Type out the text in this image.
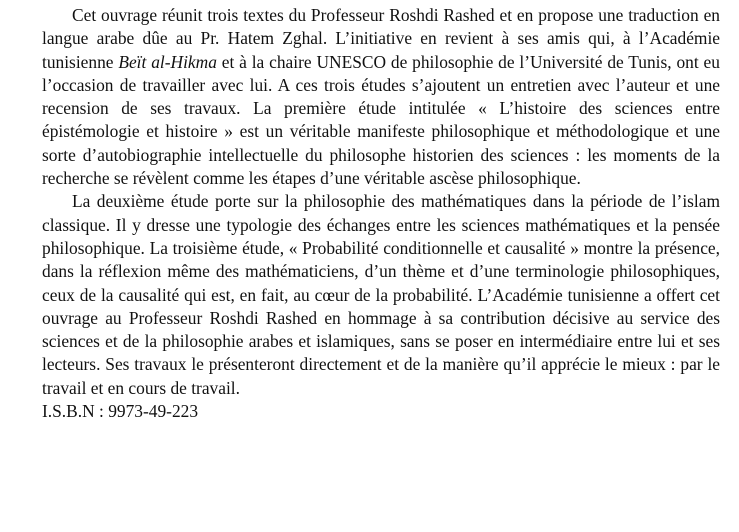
Cet ouvrage réunit trois textes du Professeur Roshdi Rashed et en propose une traduction en langue arabe dûe au Pr. Hatem Zghal. L’initiative en revient à ses amis qui, à l’Académie tunisienne Beït al-Hikma et à la chaire UNESCO de philosophie de l’Université de Tunis, ont eu l’occasion de travailler avec lui. A ces trois études s’ajoutent un entretien avec l’auteur et une recension de ses travaux. La première étude intitulée « L’histoire des sciences entre épistémologie et histoire » est un véritable manifeste philosophique et méthodologique et une sorte d’autobiographie intellectuelle du philosophe historien des sciences : les moments de la recherche se révèlent comme les étapes d’une véritable ascèse philosophique.

La deuxième étude porte sur la philosophie des mathématiques dans la période de l’islam classique. Il y dresse une typologie des échanges entre les sciences mathématiques et la pensée philosophique. La troisième étude, « Probabilité conditionnelle et causalité » montre la présence, dans la réflexion même des mathématiciens, d’un thème et d’une terminologie philosophiques, ceux de la causalité qui est, en fait, au cœur de la probabilité. L’Académie tunisienne a offert cet ouvrage au Professeur Roshdi Rashed en hommage à sa contribution décisive au service des sciences et de la philosophie arabes et islamiques, sans se poser en intermédiaire entre lui et ses lecteurs. Ses travaux le présenteront directement et de la manière qu’il apprécie le mieux : par le travail et en cours de travail.

I.S.B.N : 9973-49-223
